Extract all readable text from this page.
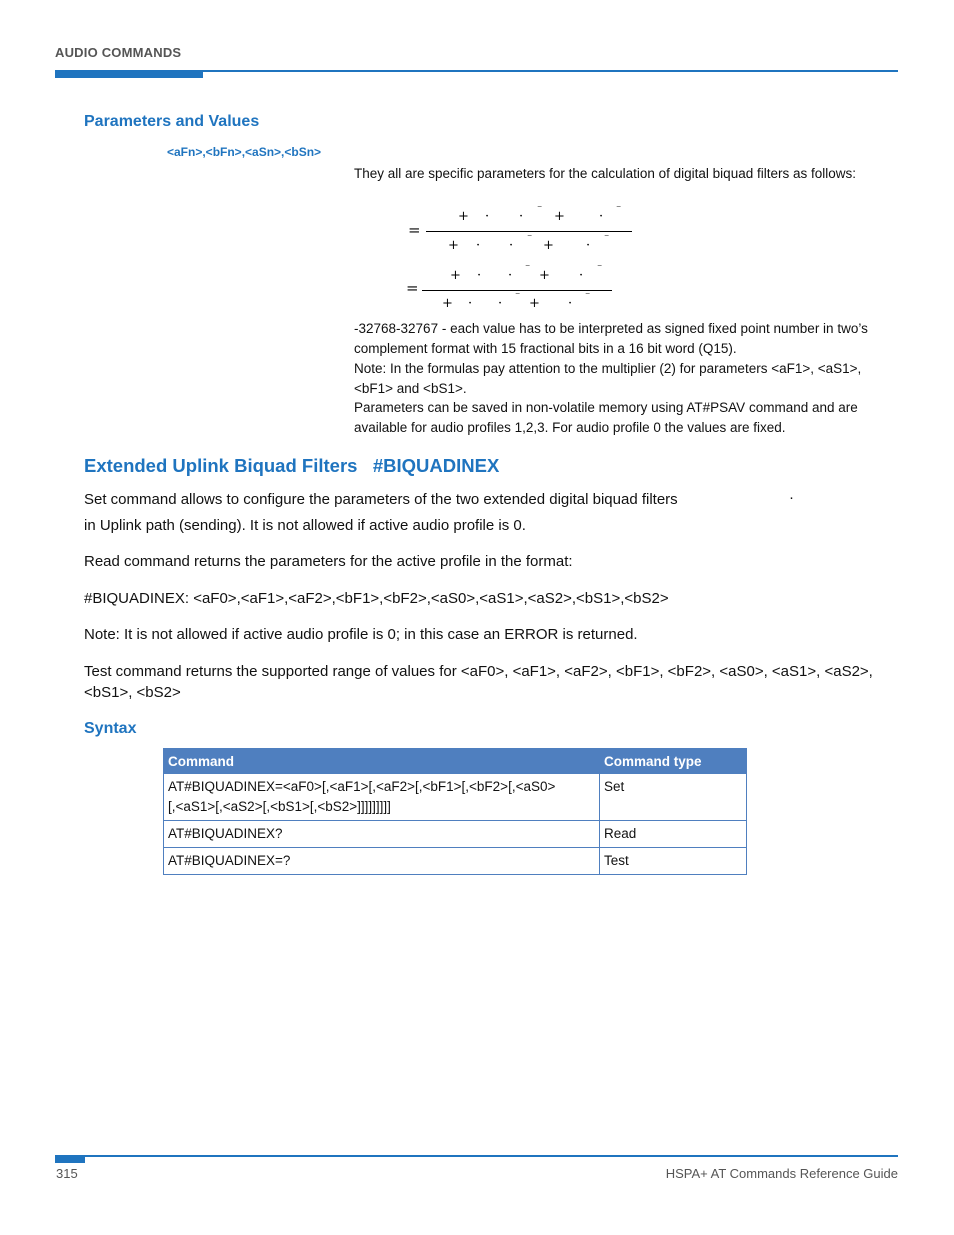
AUDIO COMMANDS
Parameters and Values
<aFn>,<bFn>,<aSn>,<bSn>
They all are specific parameters for the calculation of digital biquad filters as follows:
=
+ · · ⁻ +	· ⁻
+ · · ⁻ + · ⁻
=
+ · · ⁻ + · ⁻
+ · · ⁻ + · ⁻
-32768-32767 - each value has to be interpreted as signed fixed point number in two’s complement format with 15 fractional bits in a 16 bit word (Q15).
Note: In the formulas pay attention to the multiplier (2) for parameters <aF1>, <aS1>, <bF1> and <bS1>.
Parameters can be saved in non-volatile memory using AT#PSAV command and are available for audio profiles 1,2,3. For audio profile 0 the values are fixed.
Extended Uplink Biquad Filters   #BIQUADINEX
Set command allows to configure the parameters of the two extended digital biquad filters	·
in Uplink path (sending). It is not allowed if active audio profile is 0.
Read command returns the parameters for the active profile in the format:
#BIQUADINEX: <aF0>,<aF1>,<aF2>,<bF1>,<bF2>,<aS0>,<aS1>,<aS2>,<bS1>,<bS2>
Note: It is not allowed if active audio profile is 0; in this case an ERROR is returned.
Test command returns the supported range of values for <aF0>, <aF1>, <aF2>, <bF1>, <bF2>, <aS0>, <aS1>, <aS2>, <bS1>, <bS2>
Syntax
Command	Command type

AT#BIQUADINEX=<aF0>[,<aF1>[,<aF2>[,<bF1>[,<bF2>[,<aS0>
[,<aS1>[,<aS2>[,<bS1>[,<bS2>]]]]]]]]]	Set
AT#BIQUADINEX?	Read
AT#BIQUADINEX=?	Test
315	HSPA+ AT Commands Reference Guide
